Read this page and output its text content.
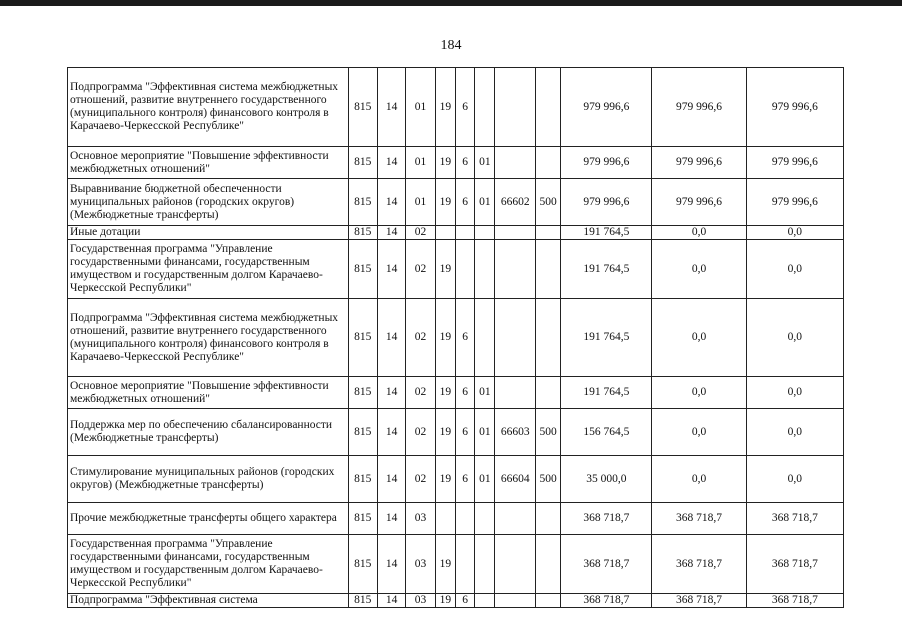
184
Подпрограмма "Эффективная система межбюджетных отношений, развитие внутреннего государственного (муниципального контроля) финансового контроля в Карачаево-Черкесской Республике"	815	14	01	19	6				979 996,6	979 996,6	979 996,6
Основное мероприятие "Повышение эффективности межбюджетных отношений"	815	14	01	19	6	01			979 996,6	979 996,6	979 996,6
Выравнивание бюджетной обеспеченности муниципальных районов (городских округов) (Межбюджетные трансферты)	815	14	01	19	6	01	66602	500	979 996,6	979 996,6	979 996,6
Иные дотации	815	14	02						191 764,5	0,0	0,0
Государственная программа "Управление государственными финансами, государственным имуществом и государственным долгом Карачаево-Черкесской Республики"	815	14	02	19					191 764,5	0,0	0,0
Подпрограмма "Эффективная система межбюджетных отношений, развитие внутреннего государственного (муниципального контроля) финансового контроля в Карачаево-Черкесской Республике"	815	14	02	19	6				191 764,5	0,0	0,0
Основное мероприятие "Повышение эффективности межбюджетных отношений"	815	14	02	19	6	01			191 764,5	0,0	0,0
Поддержка мер по обеспечению сбалансированности (Межбюджетные трансферты)	815	14	02	19	6	01	66603	500	156 764,5	0,0	0,0
Стимулирование муниципальных районов (городских округов) (Межбюджетные трансферты)	815	14	02	19	6	01	66604	500	35 000,0	0,0	0,0
Прочие межбюджетные трансферты общего характера	815	14	03						368 718,7	368 718,7	368 718,7
Государственная программа "Управление государственными финансами, государственным имуществом и государственным долгом Карачаево-Черкесской Республики"	815	14	03	19					368 718,7	368 718,7	368 718,7
Подпрограмма "Эффективная система	815	14	03	19	6				368 718,7	368 718,7	368 718,7
